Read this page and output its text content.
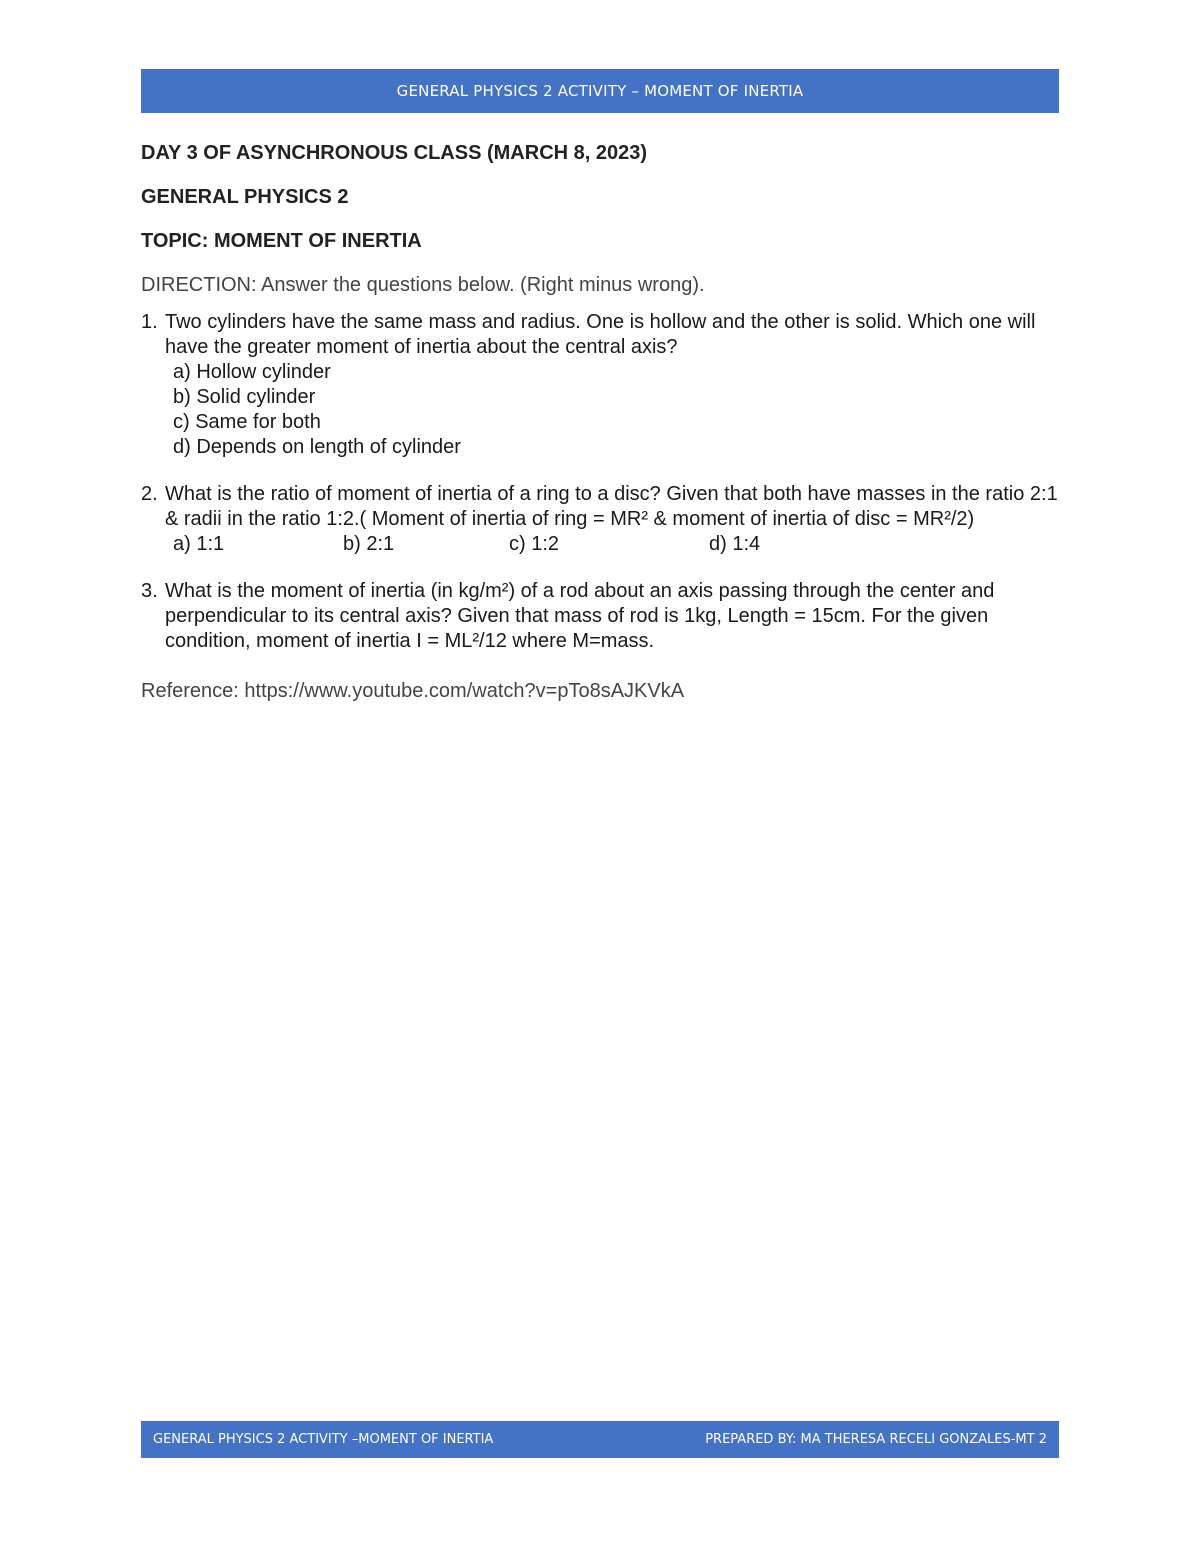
GENERAL PHYSICS 2 ACTIVITY – MOMENT OF INERTIA

DAY 3 OF ASYNCHRONOUS CLASS (MARCH 8, 2023)

GENERAL PHYSICS 2

TOPIC: MOMENT OF INERTIA

DIRECTION: Answer the questions below. (Right minus wrong).

1. Two cylinders have the same mass and radius. One is hollow and the other is solid. Which one will have the greater moment of inertia about the central axis?
a) Hollow cylinder
b) Solid cylinder
c) Same for both
d) Depends on length of cylinder
2. What is the ratio of moment of inertia of a ring to a disc? Given that both have masses in the ratio 2:1 & radii in the ratio 1:2.( Moment of inertia of ring = MR² & moment of inertia of disc = MR²/2)
a) 1:1	b) 2:1	c) 1:2	d) 1:4
3. What is the moment of inertia (in kg/m²) of a rod about an axis passing through the center and perpendicular to its central axis? Given that mass of rod is 1kg, Length = 15cm. For the given condition, moment of inertia I = ML²/12 where M=mass.

Reference: https://www.youtube.com/watch?v=pTo8sAJKVkA

GENERAL PHYSICS 2 ACTIVITY –MOMENT OF INERTIA	PREPARED BY: MA THERESA RECELI GONZALES-MT 2
